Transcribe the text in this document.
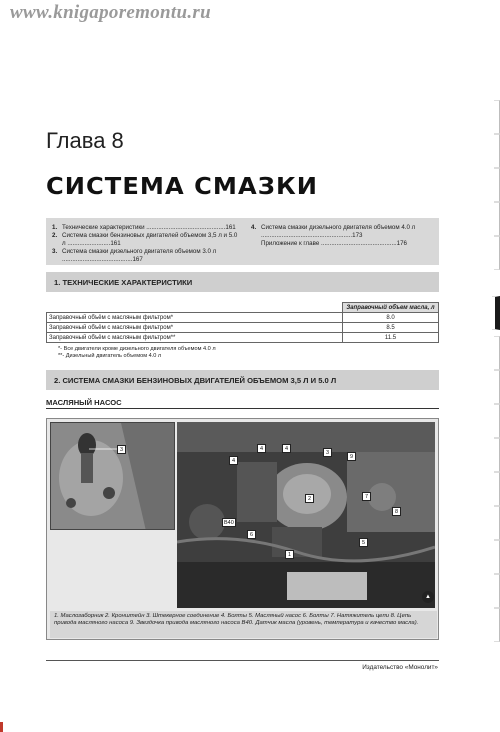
www.knigaporemontu.ru
Глава 8
СИСТЕМА СМАЗКИ
1. Технические характеристики ..............................................161
2. Система смазки бензиновых двигателей объемом 3,5 л и 5.0 л .........................161
3. Система смазки дизельного двигателя объемом 3.0 л .........................................167
4. Система смазки дизельного двигателя объемом 4.0 л .....................................................173
Приложение к главе ............................................176
1. ТЕХНИЧЕСКИЕ ХАРАКТЕРИСТИКИ
	Заправочный объем масла, л
Заправочный объём с масляным фильтром*	8.0
Заправочный объём с масляным фильтром*	8.5
Заправочный объём с масляным фильтром**	11.5
*- Все двигатели кроме дизельного двигателя объемом 4.0 л
**- Дизельный двигатель объемом 4.0 л
2. СИСТЕМА СМАЗКИ БЕНЗИНОВЫХ ДВИГАТЕЛЕЙ ОБЪЕМОМ 3,5 Л И 5.0 Л
МАСЛЯНЫЙ НАСОС
3	4	4
3
9
4
7
8
2
B40
6
5
1
▲
1. Маслозаборник 2. Кронштейн 3. Штекерное соединение 4. Болты 5. Масляный насос 6. Болты 7. Натяжитель цепи 8. Цепь привода масляного насоса 9. Звездочка привода масляного насоса B40. Датчик масла (уровень, температура и качество масла).
Издательство «Монолит»
